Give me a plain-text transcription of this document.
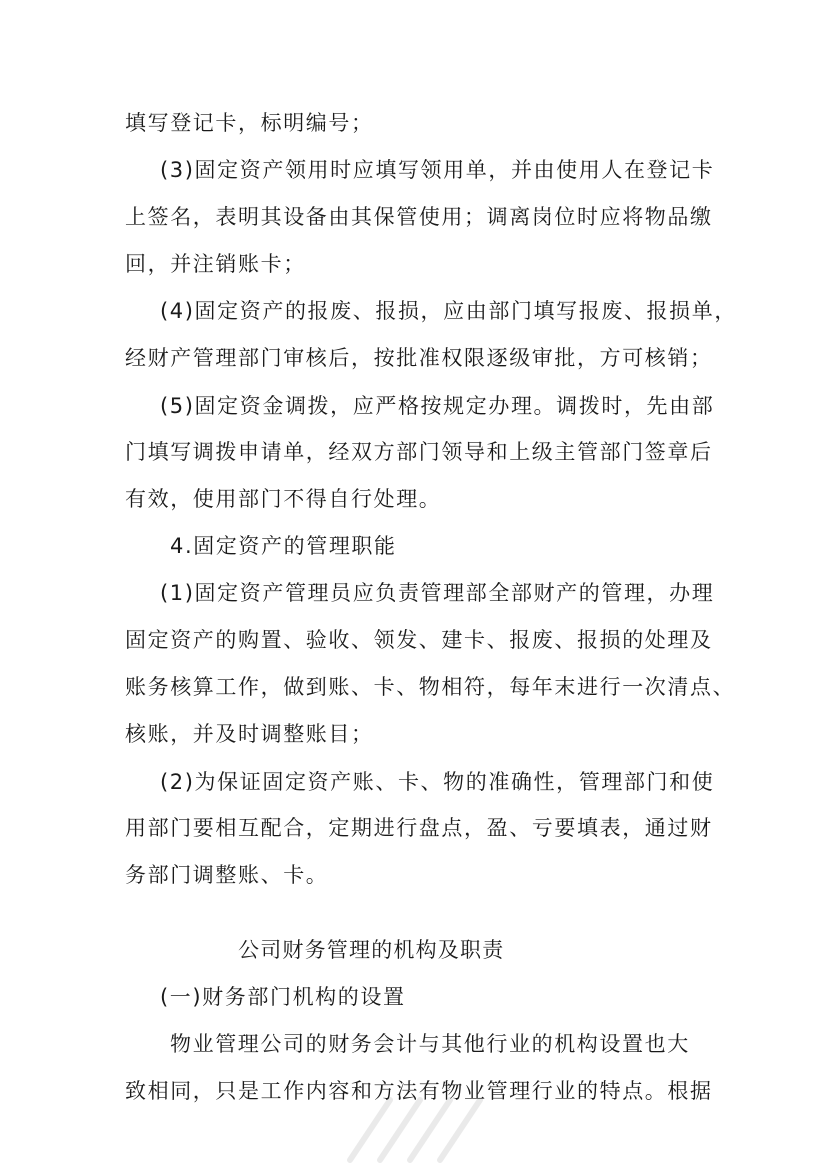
填写登记卡，标明编号；
(3)固定资产领用时应填写领用单，并由使用人在登记卡
上签名，表明其设备由其保管使用；调离岗位时应将物品缴
回，并注销账卡；
(4)固定资产的报废、报损，应由部门填写报废、报损单，
经财产管理部门审核后，按批准权限逐级审批，方可核销；
(5)固定资金调拨，应严格按规定办理。调拨时，先由部
门填写调拨申请单，经双方部门领导和上级主管部门签章后
有效，使用部门不得自行处理。
4.固定资产的管理职能
(1)固定资产管理员应负责管理部全部财产的管理，办理
固定资产的购置、验收、领发、建卡、报废、报损的处理及
账务核算工作，做到账、卡、物相符，每年末进行一次清点、
核账，并及时调整账目；
(2)为保证固定资产账、卡、物的准确性，管理部门和使
用部门要相互配合，定期进行盘点，盈、亏要填表，通过财
务部门调整账、卡。
公司财务管理的机构及职责
(一)财务部门机构的设置
物业管理公司的财务会计与其他行业的机构设置也大
致相同，只是工作内容和方法有物业管理行业的特点。根据
